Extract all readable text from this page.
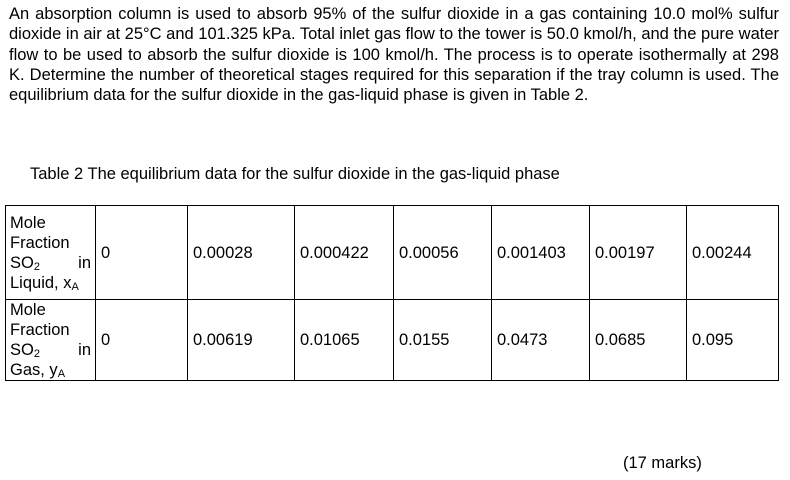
An absorption column is used to absorb 95% of the sulfur dioxide in a gas containing 10.0 mol% sulfur dioxide in air at 25°C and 101.325 kPa. Total inlet gas flow to the tower is 50.0 kmol/h, and the pure water flow to be used to absorb the sulfur dioxide is 100 kmol/h. The process is to operate isothermally at 298 K. Determine the number of theoretical stages required for this separation if the tray column is used. The equilibrium data for the sulfur dioxide in the gas-liquid phase is given in Table 2.

Table 2 The equilibrium data for the sulfur dioxide in the gas-liquid phase

Mole
Fraction
$SO_2$ in
Liquid, $x_A$	0	0.00028	0.000422	0.00056	0.001403	0.00197	0.00244

Mole
Fraction
$SO_2$ in
Gas, $y_A$	0	0.00619	0.01065	0.0155	0.0473	0.0685	0.095

(17 marks)
